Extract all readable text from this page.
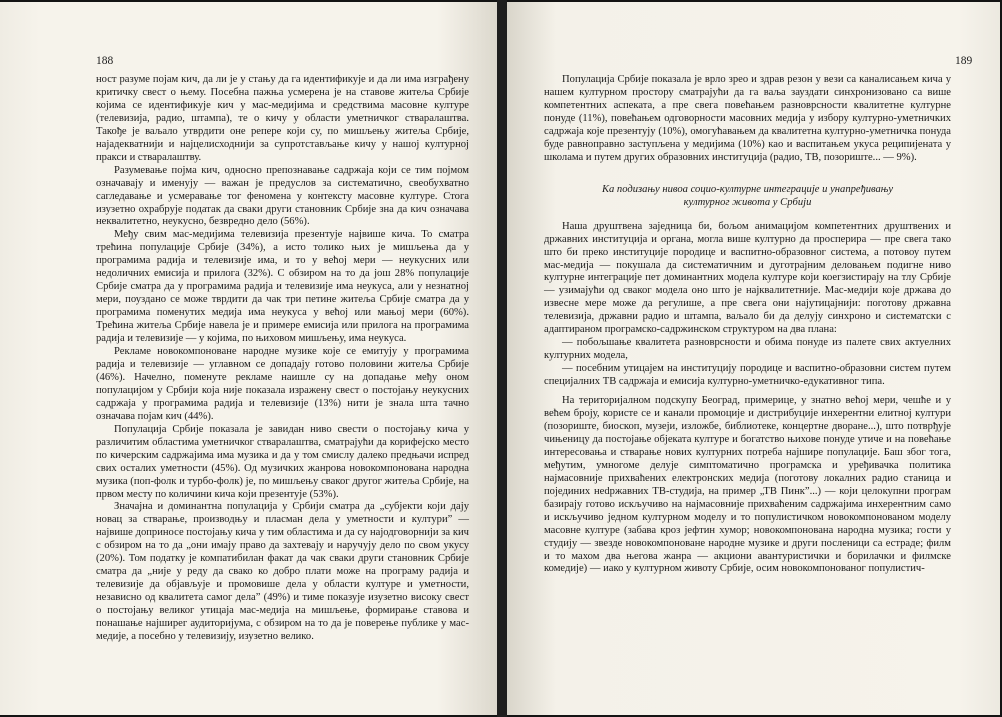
188

ност разуме појам кич, да ли је у стању да га идентификује и да ли има изграђену критичку свест о њему. Посебна пажња усмерена је на ставове житеља Србије којима се идентификује кич у мас-медијима и средствима масовне културе (телевизија, радио, штампа), те о кичу у области уметничког стваралаштва. Такође је ваљало утврдити оне репере који су, по мишљењу житеља Србије, најадекватнији и најцелисходнији за супротстављање кичу у нашој културној пракси и стваралаштву.

Разумевање појма кич, односно препознавање садржаја који се тим појмом означавају и именују — важан је предуслов за систематично, свеобухватно сагледавање и усмеравање тог феномена у контексту масовне културе. Стога изузетно охрабрује податак да сваки други становник Србије зна да кич означава неквалитетно, неукусно, безвредно дело (56%).

Међу свим мас-медијима телевизија презентује највише кича. То сматра трећина популације Србије (34%), а исто толико њих је мишљења да у програмима радија и телевизије има, и то у већој мери — неукусних или недоличних емисија и прилога (32%). С обзиром на то да још 28% популације Србије сматра да у програмима радија и телевизије има неукуса, али у незнатној мери, поуздано се може тврдити да чак три петине житеља Србије сматра да у програмима поменутих медија има неукуса у већој или мањој мери (60%). Трећина житеља Србије навела је и примере емисија или прилога на програмима радија и телевизије — у којима, по њиховом мишљењу, има неукуса.

Рекламе новокомпоноване народне музике које се емитују у програмима радија и телевизије — углавном се допадају готово половини житеља Србије (46%). Начелно, поменуте рекламе наишле су на допадање међу оном популацијом у Србији која није показала изражену свест о постојању неукусних садржаја у програмима радија и телевизије (13%) нити је знала шта тачно означава појам кич (44%).

Популација Србије показала је завидан ниво свести о постојању кича у различитим областима уметничког стваралаштва, сматрајући да корифејско место по кичерским садржајима има музика и да у том смислу далеко предњачи испред свих осталих уметности (45%). Од музичких жанрова новокомпонована народна музика (поп-фолк и турбо-фолк) је, по мишљењу сваког другог житеља Србије, на првом месту по количини кича који презентује (53%).

Значајна и доминантна популација у Србији сматра да „субјекти који дају новац за стварање, производњу и пласман дела у уметности и култури” — највише доприносе постојању кича у тим областима и да су најодговорнији за кич с обзиром на то да „они имају право да захтевају и наручују дело по свом укусу (20%). Том податку је компатибилан факат да чак сваки други становник Србије сматра да „није у реду да свако ко добро плати може на програму радија и телевизије да објављује и промовише дела у области културе и уметности, независно од квалитета самог дела” (49%) и тиме показује изузетно високу свест о постојању великог утицаја мас-медија на мишљење, формирање ставова и понашање најширег аудиторијума, с обзиром на то да је поверење публике у мас-медије, а посебно у телевизију, изузетно велико.

189

Популација Србије показала је врло зрео и здрав резон у вези са каналисањем кича у нашем културном простору сматрајући да га ваља зауздати синхронизовано са више компетентних аспеката, а пре свега повећањем разноврсности квалитетне културне понуде (11%), повећањем одговорности масовних медија у избору културно-уметничких садржаја које презентују (10%), омогућавањем да квалитетна културно-уметничка понуда буде равноправно заступљена у медијима (10%) као и васпитањем укуса реципијената у школама и путем других образовних институција (радио, ТВ, позориште... — 9%).

Ка подизању нивоа социо-културне интеграције и унапређивању
културног живота у Србији

Наша друштвена заједница би, бољом анимацијом компетентних друштвених и државних институција и органа, могла више културно да просперира — пре свега тако што би преко институције породице и васпитно-образовног система, а потовоу путем мас-медија — покушала да систематичним и дуготрајним деловањем подигне ниво културне интеграције пет доминантних модела културе који коегзистирају на тлу Србије — узимајући од сваког модела оно што је најквалитетније. Мас-медији које држава до извесне мере може да регулише, а пре свега они најутицајнији: поготову државна телевизија, државни радио и штампа, ваљало би да делују синхроно и систематски с адаптираном програмско-садржинском структуром на два плана:

— побољшање квалитета разноврсности и обима понуде из палете свих актуелних културних модела,

— посебним утицајем на институцију породице и васпитно-образовни систем путем специјалних ТВ садржаја и емисија културно-уметничко-едукативног типа.

На територијалном подскупу Београд, примерице, у знатно већој мери, чешће и у већем броју, користе се и канали промоције и дистрибуције инхерентни елитној култури (позориште, биоскоп, музеји, изложбе, библиотеке, концертне дворане...), што потврђује чињеницу да постојање објеката културе и богатство њихове понуде утиче и на повећање интересовања и стварање нових културних потреба најшире популације. Баш због тога, међутим, умногоме делује симптоматично програмска и уређивачка политика најмасовније прихваћених електронских медија (поготову локалних радио станица и појединих нedржавних ТВ-студија, на пример „ТВ Пинк”...) — који целокупни програм базирају готово искључиво на најмасовније прихваћеним садржајима инхерентним само и искључиво једном културном моделу и то популистичком новокомпонованом моделу масовне културе (забава кроз јефтин хумор; новокомпонована народна музика; гости у студију — звезде новокомпоноване народне музике и други посленици са естраде; филм и то махом два његова жанра — акциони авантуристички и борилачки и филмске комедије) — иако у културном животу Србије, осим новокомпонованог популистич-
